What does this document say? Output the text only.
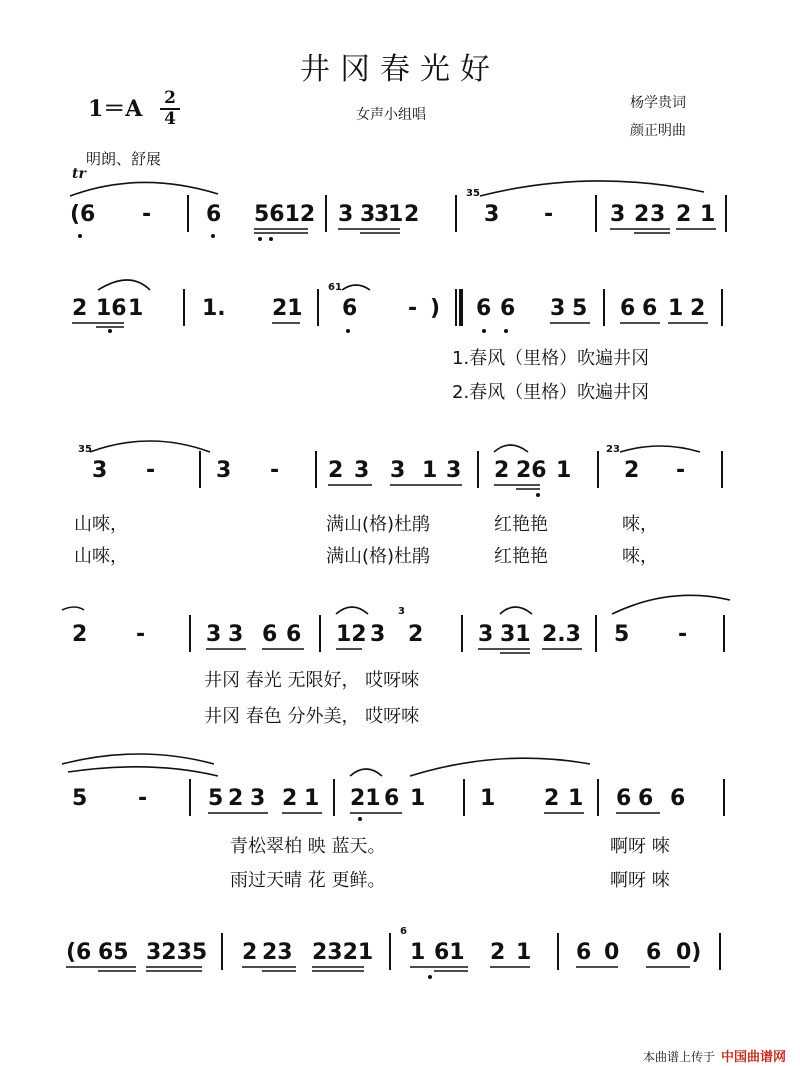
井冈春光好
1＝A 2
4	女声小组唱
杨学贵词
颜正明曲
明朗、舒展
tr
(6 - 6 5612 3 3
3
1 2	3 -	3 2 3 2 1
35
2 16 1	1. 21 6 - ) 6 6 3 5 6 6 1 2
61
1.春风（里格）吹遍井冈
2.春风（里格）吹遍井冈
3 -	3 - 2 3 3 1 3 2 26 1 2 -
35	23
山唻，	满山(格)杜鹃	红艳艳	唻，
山唻，	满山(格)杜鹃	红艳艳	唻，
2 -	3 3 6 6 12 3 2 3 31 2.3 5 -
3
井冈 春光 无限好， 哎呀唻
井冈 春色 分外美， 哎呀唻
5 -	5 2 3 2 1 21 6 1 1 2 1 6 6 6
青松翠柏 映 蓝天。	啊呀 唻
雨过天晴 花 更鲜。	啊呀 唻
(6 65 3235 2 23 2321 1 61 2 1 6 0 6 0)
6
本曲谱上传于 中国曲谱网
